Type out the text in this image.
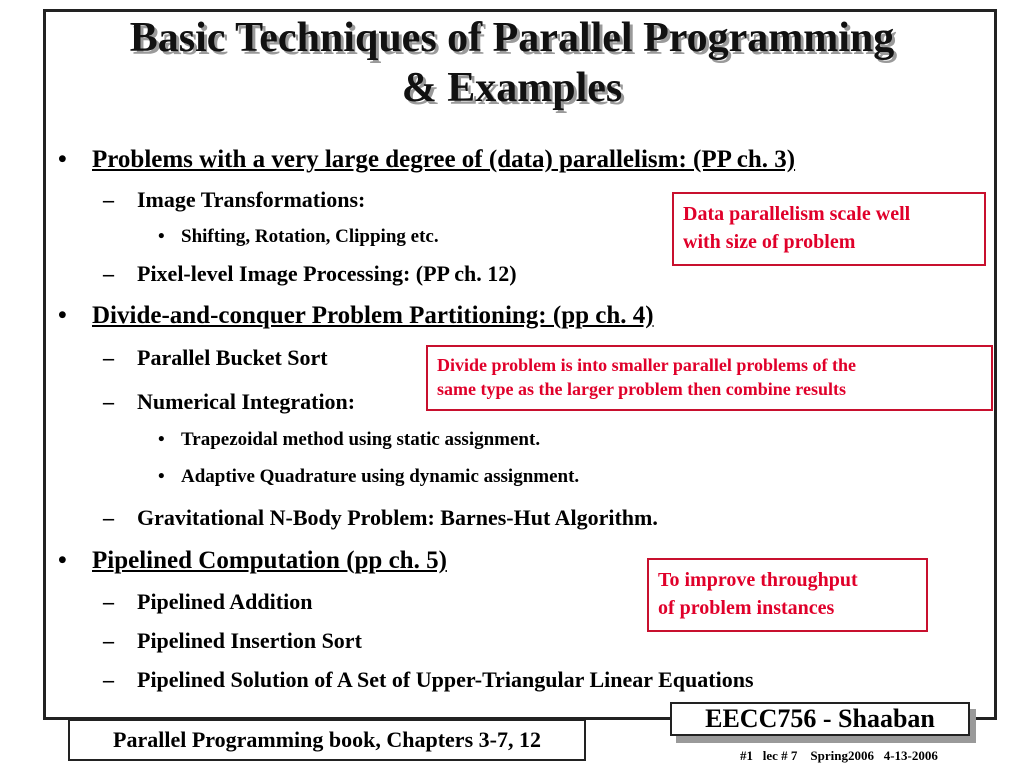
Basic Techniques of Parallel Programming
& Examples
• Problems with a very large degree of (data) parallelism: (PP ch. 3)
– Image Transformations:
• Shifting, Rotation, Clipping etc.
– Pixel-level Image Processing: (PP ch. 12)
• Divide-and-conquer Problem Partitioning: (pp ch. 4)
– Parallel Bucket Sort
– Numerical Integration:
• Trapezoidal method using static assignment.
• Adaptive Quadrature using dynamic assignment.
– Gravitational N-Body Problem: Barnes-Hut Algorithm.
• Pipelined Computation (pp ch. 5)
– Pipelined Addition
– Pipelined Insertion Sort
– Pipelined Solution of A Set of Upper-Triangular Linear Equations
Data parallelism scale well
with size of problem
Divide problem is into smaller parallel problems of the
same type as the larger problem then combine results
To improve throughput
of problem instances
Parallel Programming book, Chapters 3-7, 12
EECC756 - Shaaban
#1   lec # 7    Spring2006   4-13-2006
